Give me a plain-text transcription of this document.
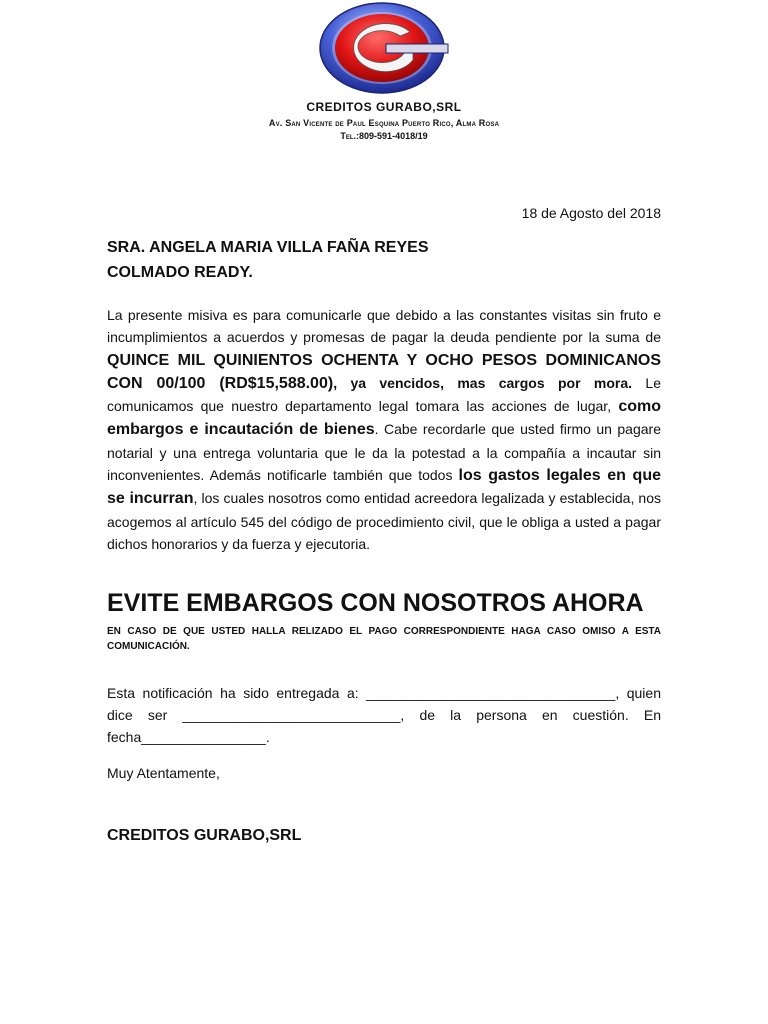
CREDITOS GURABO,SRL
Av. San Vicente de Paul Esquina Puerto Rico, Alma Rosa
Tel.:809-591-4018/19
18 de Agosto del 2018
SRA. ANGELA MARIA VILLA FAÑA REYES
COLMADO READY.
La presente misiva es para comunicarle que debido a las constantes visitas sin fruto e incumplimientos a acuerdos y promesas de pagar la deuda pendiente por la suma de QUINCE MIL QUINIENTOS OCHENTA Y OCHO PESOS DOMINICANOS CON 00/100 (RD$15,588.00), ya vencidos, mas cargos por mora. Le comunicamos que nuestro departamento legal tomara las acciones de lugar, como embargos e incautación de bienes. Cabe recordarle que usted firmo un pagare notarial y una entrega voluntaria que le da la potestad a la compañía a incautar sin inconvenientes. Además notificarle también que todos los gastos legales en que se incurran, los cuales nosotros como entidad acreedora legalizada y establecida, nos acogemos al artículo 545 del código de procedimiento civil, que le obliga a usted a pagar dichos honorarios y da fuerza y ejecutoria.
EVITE EMBARGOS CON NOSOTROS AHORA
EN CASO DE QUE USTED HALLA RELIZADO EL PAGO CORRESPONDIENTE HAGA CASO OMISO A ESTA COMUNICACIÓN.
Esta notificación ha sido entregada a: ________________________________, quien dice ser ____________________________, de la persona en cuestión. En fecha________________.
Muy Atentamente,
CREDITOS GURABO,SRL
